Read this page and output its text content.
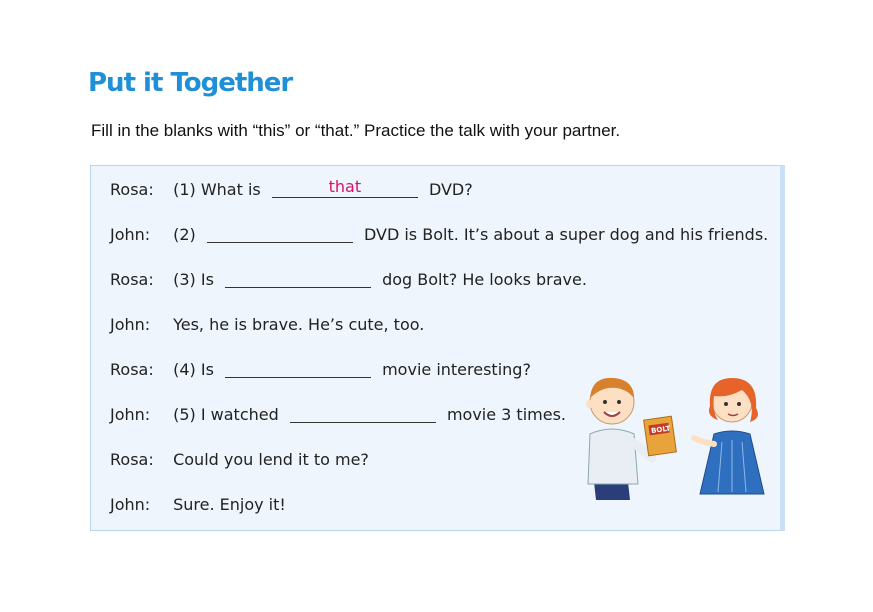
Put it Together
Fill in the blanks with “this” or “that.” Practice the talk with your partner.
Rosa: (1) What is	that	DVD?
John: (2)	DVD is Bolt. It’s about a super dog and his friends.
Rosa: (3) Is	dog Bolt? He looks brave.
John: Yes, he is brave. He’s cute, too.
Rosa: (4) Is	movie interesting?
John: (5) I watched	movie 3 times.
Rosa: Could you lend it to me?
John: Sure. Enjoy it!
BOLT
